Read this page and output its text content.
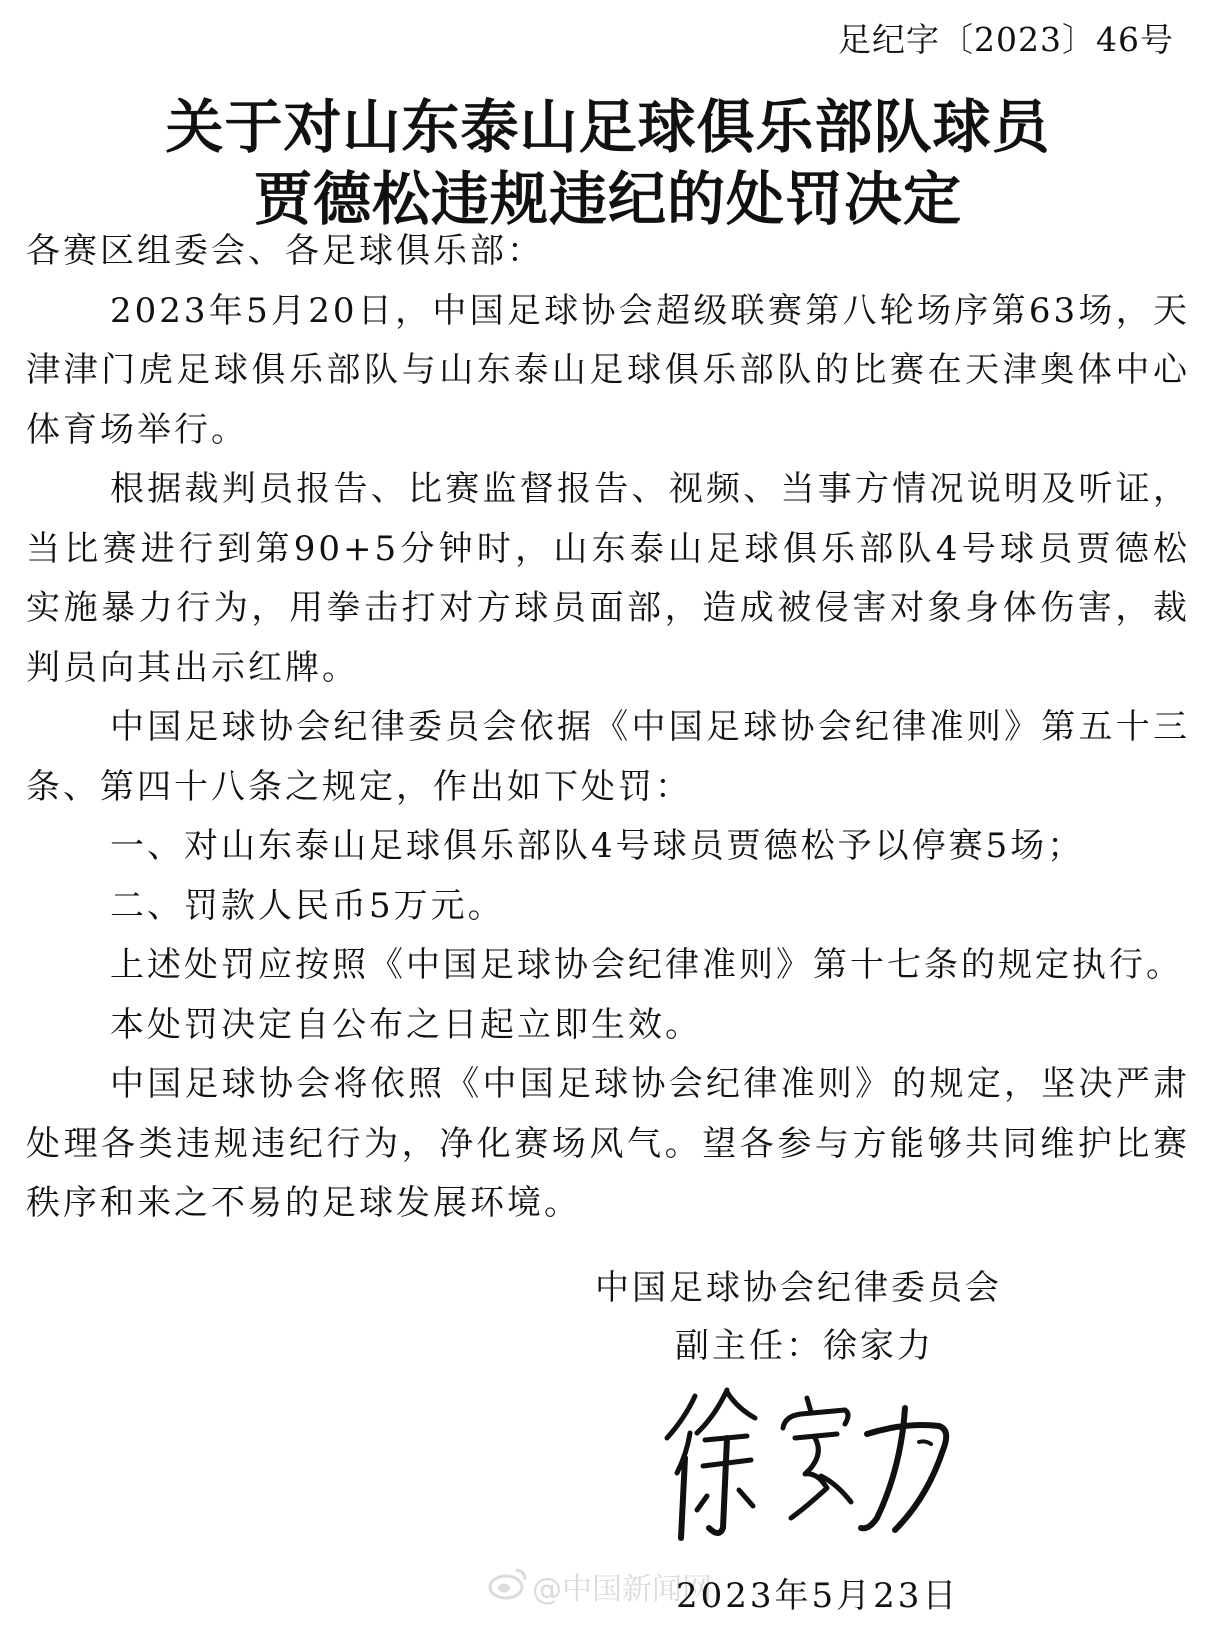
足纪字〔2023〕46号
关于对山东泰山足球俱乐部队球员
贾德松违规违纪的处罚决定

各赛区组委会、各足球俱乐部：

2023年5月20日，中国足球协会超级联赛第八轮场序第63场，天津津门虎足球俱乐部队与山东泰山足球俱乐部队的比赛在天津奥体中心体育场举行。

根据裁判员报告、比赛监督报告、视频、当事方情况说明及听证，当比赛进行到第90+5分钟时，山东泰山足球俱乐部队4号球员贾德松实施暴力行为，用拳击打对方球员面部，造成被侵害对象身体伤害，裁判员向其出示红牌。

中国足球协会纪律委员会依据《中国足球协会纪律准则》第五十三条、第四十八条之规定，作出如下处罚：

一、对山东泰山足球俱乐部队4号球员贾德松予以停赛5场；

二、罚款人民币5万元。

上述处罚应按照《中国足球协会纪律准则》第十七条的规定执行。

本处罚决定自公布之日起立即生效。

中国足球协会将依照《中国足球协会纪律准则》的规定，坚决严肃处理各类违规违纪行为，净化赛场风气。望各参与方能够共同维护比赛秩序和来之不易的足球发展环境。

中国足球协会纪律委员会
副主任：徐家力
@中国新闻网
2023年5月23日
